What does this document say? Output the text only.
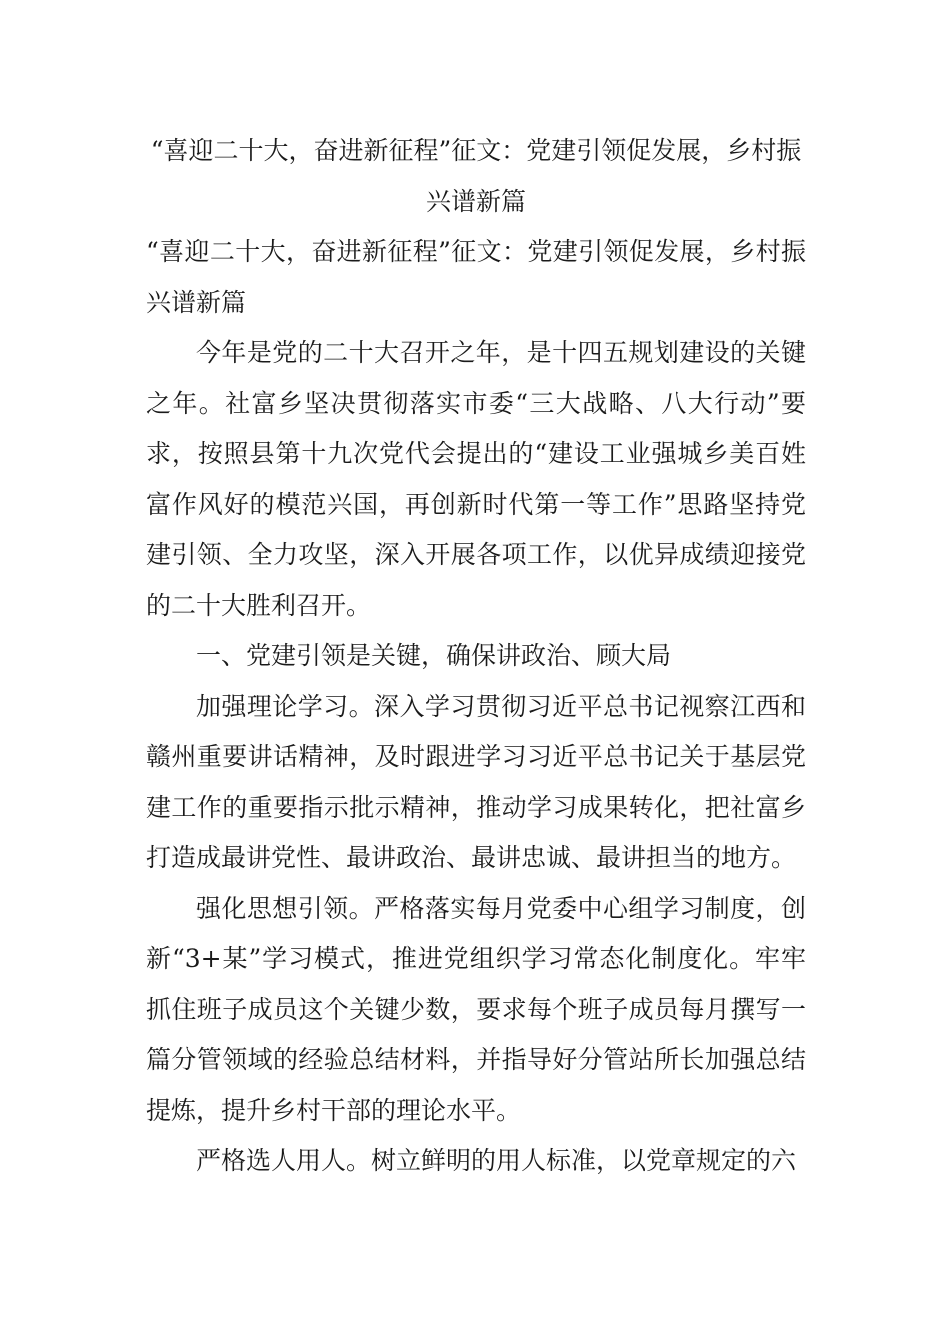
“喜迎二十大，奋进新征程”征文：党建引领促发展，乡村振兴谱新篇

“喜迎二十大，奋进新征程”征文：党建引领促发展，乡村振兴谱新篇

今年是党的二十大召开之年，是十四五规划建设的关键之年。社富乡坚决贯彻落实市委“三大战略、八大行动”要求，按照县第十九次党代会提出的“建设工业强城乡美百姓富作风好的模范兴国，再创新时代第一等工作”思路坚持党建引领、全力攻坚，深入开展各项工作，以优异成绩迎接党的二十大胜利召开。

一、党建引领是关键，确保讲政治、顾大局

加强理论学习。深入学习贯彻习近平总书记视察江西和赣州重要讲话精神，及时跟进学习习近平总书记关于基层党建工作的重要指示批示精神，推动学习成果转化，把社富乡打造成最讲党性、最讲政治、最讲忠诚、最讲担当的地方。

强化思想引领。严格落实每月党委中心组学习制度，创新“3+某”学习模式，推进党组织学习常态化制度化。牢牢抓住班子成员这个关键少数，要求每个班子成员每月撰写一篇分管领域的经验总结材料，并指导好分管站所长加强总结提炼，提升乡村干部的理论水平。

严格选人用人。树立鲜明的用人标准，以党章规定的六
